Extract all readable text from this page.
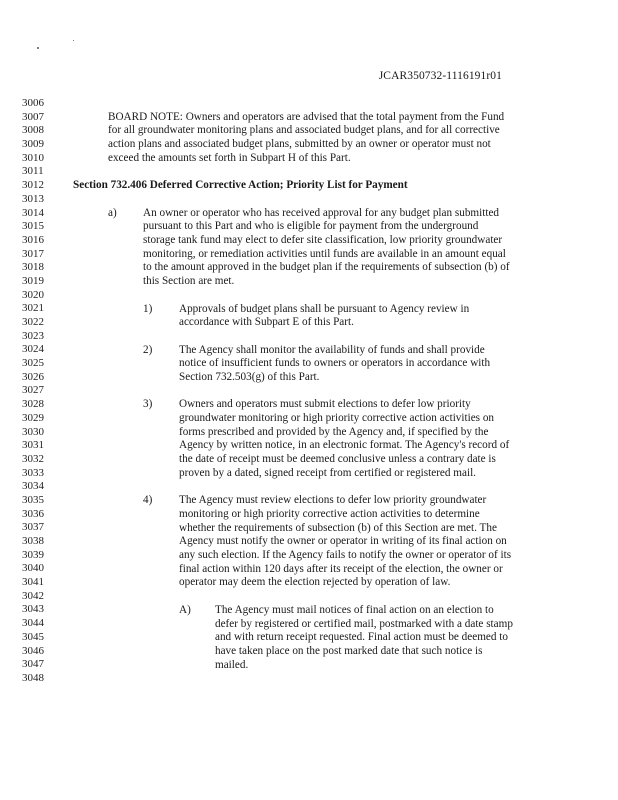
JCAR350732-1116191r01
3006
3007
3008
3009
3010
3011
3012
3013
3014
3015
3016
3017
3018
3019
3020
3021
3022
3023
3024
3025
3026
3027
3028
3029
3030
3031
3032
3033
3034
3035
3036
3037
3038
3039
3040
3041
3042
3043
3044
3045
3046
3047
3048
BOARD NOTE: Owners and operators are advised that the total payment from the Fund
for all groundwater monitoring plans and associated budget plans, and for all corrective
action plans and associated budget plans, submitted by an owner or operator must not
exceed the amounts set forth in Subpart H of this Part.
Section 732.406 Deferred Corrective Action; Priority List for Payment
a) An owner or operator who has received approval for any budget plan submitted
pursuant to this Part and who is eligible for payment from the underground
storage tank fund may elect to defer site classification, low priority groundwater
monitoring, or remediation activities until funds are available in an amount equal
to the amount approved in the budget plan if the requirements of subsection (b) of
this Section are met.
1) Approvals of budget plans shall be pursuant to Agency review in
accordance with Subpart E of this Part.
2) The Agency shall monitor the availability of funds and shall provide
notice of insufficient funds to owners or operators in accordance with
Section 732.503(g) of this Part.
3) Owners and operators must submit elections to defer low priority
groundwater monitoring or high priority corrective action activities on
forms prescribed and provided by the Agency and, if specified by the
Agency by written notice, in an electronic format. The Agency's record of
the date of receipt must be deemed conclusive unless a contrary date is
proven by a dated, signed receipt from certified or registered mail.
4) The Agency must review elections to defer low priority groundwater
monitoring or high priority corrective action activities to determine
whether the requirements of subsection (b) of this Section are met. The
Agency must notify the owner or operator in writing of its final action on
any such election. If the Agency fails to notify the owner or operator of its
final action within 120 days after its receipt of the election, the owner or
operator may deem the election rejected by operation of law.
A) The Agency must mail notices of final action on an election to
defer by registered or certified mail, postmarked with a date stamp
and with return receipt requested. Final action must be deemed to
have taken place on the post marked date that such notice is
mailed.
